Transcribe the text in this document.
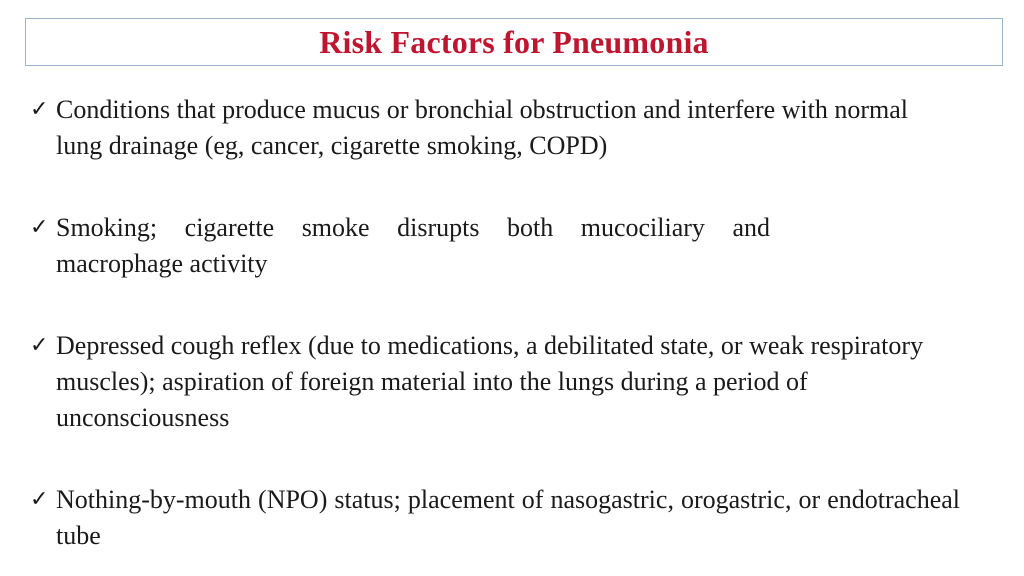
Risk Factors for Pneumonia
✓ Conditions that produce mucus or bronchial obstruction and interfere with normal lung drainage (eg, cancer, cigarette smoking, COPD)
✓ Smoking; cigarette smoke disrupts both mucociliary and macrophage activity
✓ Depressed cough reflex (due to medications, a debilitated state, or weak respiratory muscles); aspiration of foreign material into the lungs during a period of unconsciousness
✓ Nothing-by-mouth (NPO) status; placement of nasogastric, orogastric, or endotracheal tube
